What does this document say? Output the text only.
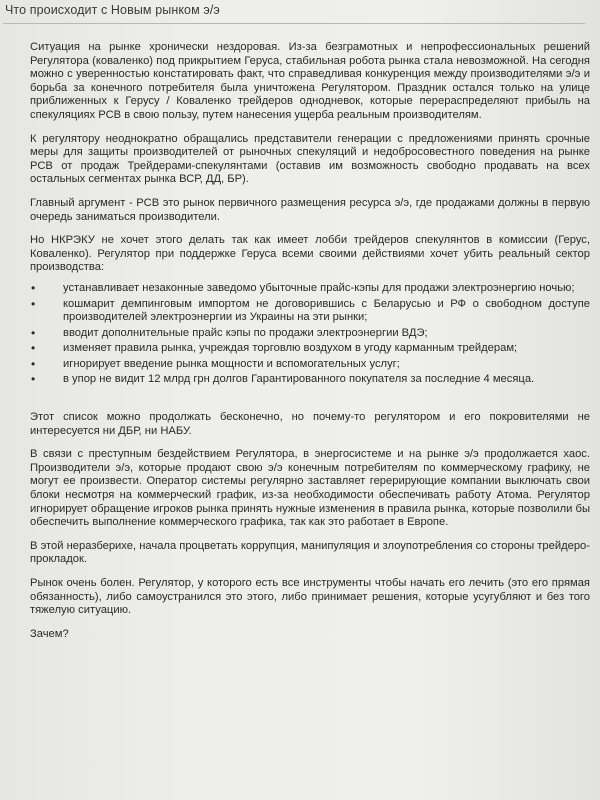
Что происходит с Новым рынком э/э

Ситуация на рынке хронически нездоровая. Из-за безграмотных и непрофессиональных решений Регулятора (коваленко) под прикрытием Геруса, стабильная робота рынка стала невозможной. На сегодня можно с уверенностью констатировать факт, что справедливая конкуренция между производителями э/э и борьба за конечного потребителя была уничтожена Регулятором. Праздник остался только на улице приближенных к Герусу / Коваленко трейдеров однодневок, которые перераспределяют прибыль на спекуляциях РСВ в свою пользу, путем нанесения ущерба реальным производителям.

К регулятору неоднократно обращались представители генерации с предложениями принять срочные меры для защиты производителей от рыночных спекуляций и недобросовестного поведения на рынке РСВ от продаж Трейдерами-спекулянтами (оставив им возможность свободно продавать на всех остальных сегментах рынка ВСР, ДД, БР).

Главный аргумент - РСВ это рынок первичного размещения ресурса э/э, где продажами должны в первую очередь заниматься производители.

Но НКРЭКУ не хочет этого делать так как имеет лобби трейдеров спекулянтов в комиссии (Герус, Коваленко). Регулятор при поддержке Геруса всеми своими действиями хочет убить реальный сектор производства:

• устанавливает незаконные заведомо убыточные прайс-кэпы для продажи электроэнергию ночью;
• кошмарит демпинговым импортом не договорившись с Беларусью и РФ о свободном доступе производителей электроэнергии из Украины на эти рынки;
• вводит дополнительные прайс кэпы по продажи электроэнергии ВДЭ;
• изменяет правила рынка, учреждая торговлю воздухом в угоду карманным трейдерам;
• игнорирует введение рынка мощности и вспомогательных услуг;
• в упор не видит 12 млрд грн долгов Гарантированного покупателя за последние 4 месяца.

Этот список можно продолжать бесконечно, но почему-то регулятором и его покровителями не интересуется ни ДБР, ни НАБУ.

В связи с преступным бездействием Регулятора, в энергосистеме и на рынке э/э продолжается хаос. Производители э/э, которые продают свою э/э конечным потребителям по коммерческому графику, не могут ее произвести. Оператор системы регулярно заставляет герерирующие компании выключать свои блоки несмотря на коммерческий график, из-за необходимости обеспечивать работу Атома. Регулятор игнорирует обращение игроков рынка принять нужные изменения в правила рынка, которые позволили бы обеспечить выполнение коммерческого графика, так как это работает в Европе.

В этой неразберихе, начала процветать коррупция, манипуляция и злоупотребления со стороны трейдеро-прокладок.

Рынок очень болен. Регулятор, у которого есть все инструменты чтобы начать его лечить (это его прямая обязанность), либо самоустранился это этого, либо принимает решения, которые усугубляют и без того тяжелую ситуацию.

Зачем?
